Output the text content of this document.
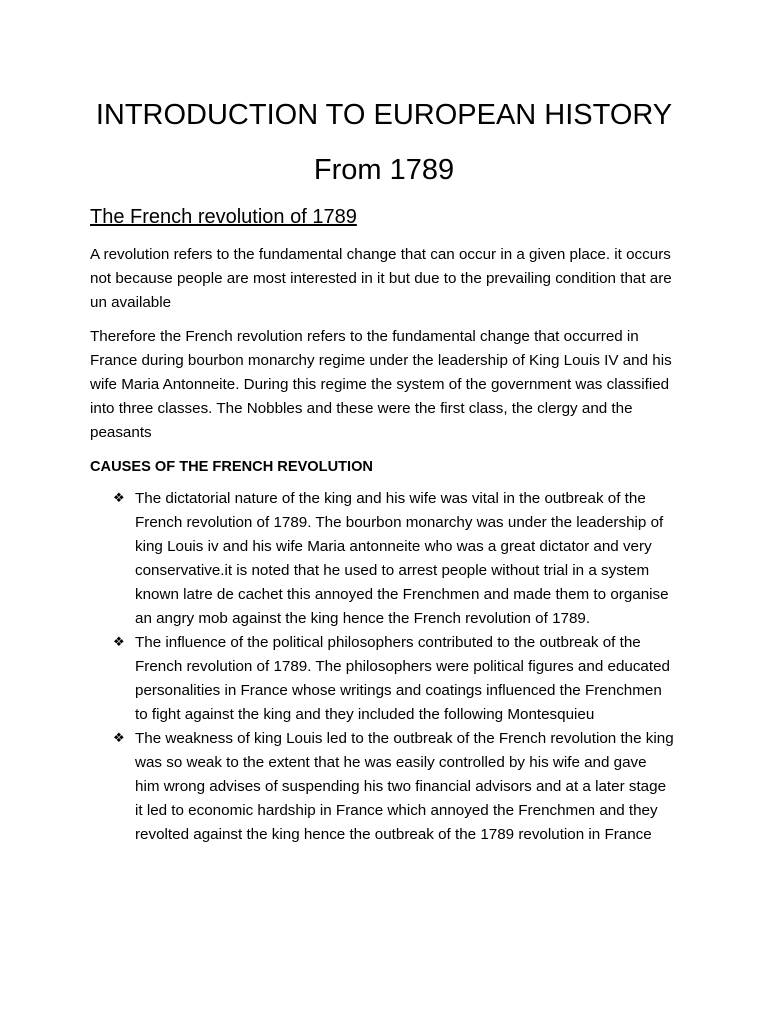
INTRODUCTION TO EUROPEAN HISTORY
From 1789
The French revolution of 1789

A revolution refers to the fundamental change that can occur in a given place. it occurs not because people are most interested in it but due to the prevailing condition that are un available

Therefore the French revolution refers to the fundamental change that occurred in France during bourbon monarchy regime under the leadership of King Louis IV and his wife Maria Antonneite. During this regime the system of the government was classified into three classes. The Nobbles and these were the first class, the clergy and the peasants

CAUSES OF THE FRENCH REVOLUTION
❖ The dictatorial nature of the king and his wife was vital in the outbreak of the French revolution of 1789. The bourbon monarchy was under the leadership of king Louis iv and his wife Maria antonneite who was a great dictator and very conservative.it is noted that he used to arrest people without trial in a system known latre de cachet this annoyed the Frenchmen and made them to organise an angry mob against the king hence the French revolution of 1789.
❖ The influence of the political philosophers contributed to the outbreak of the French revolution of 1789. The philosophers were political figures and educated personalities in France whose writings and coatings influenced the Frenchmen to fight against the king and they included the following Montesquieu
❖ The weakness of king Louis led to the outbreak of the French revolution the king was so weak to the extent that he was easily controlled by his wife and gave him wrong advises of suspending his two financial advisors and at a later stage it led to economic hardship in France which annoyed the Frenchmen and they revolted against the king hence the outbreak of the 1789 revolution in France
